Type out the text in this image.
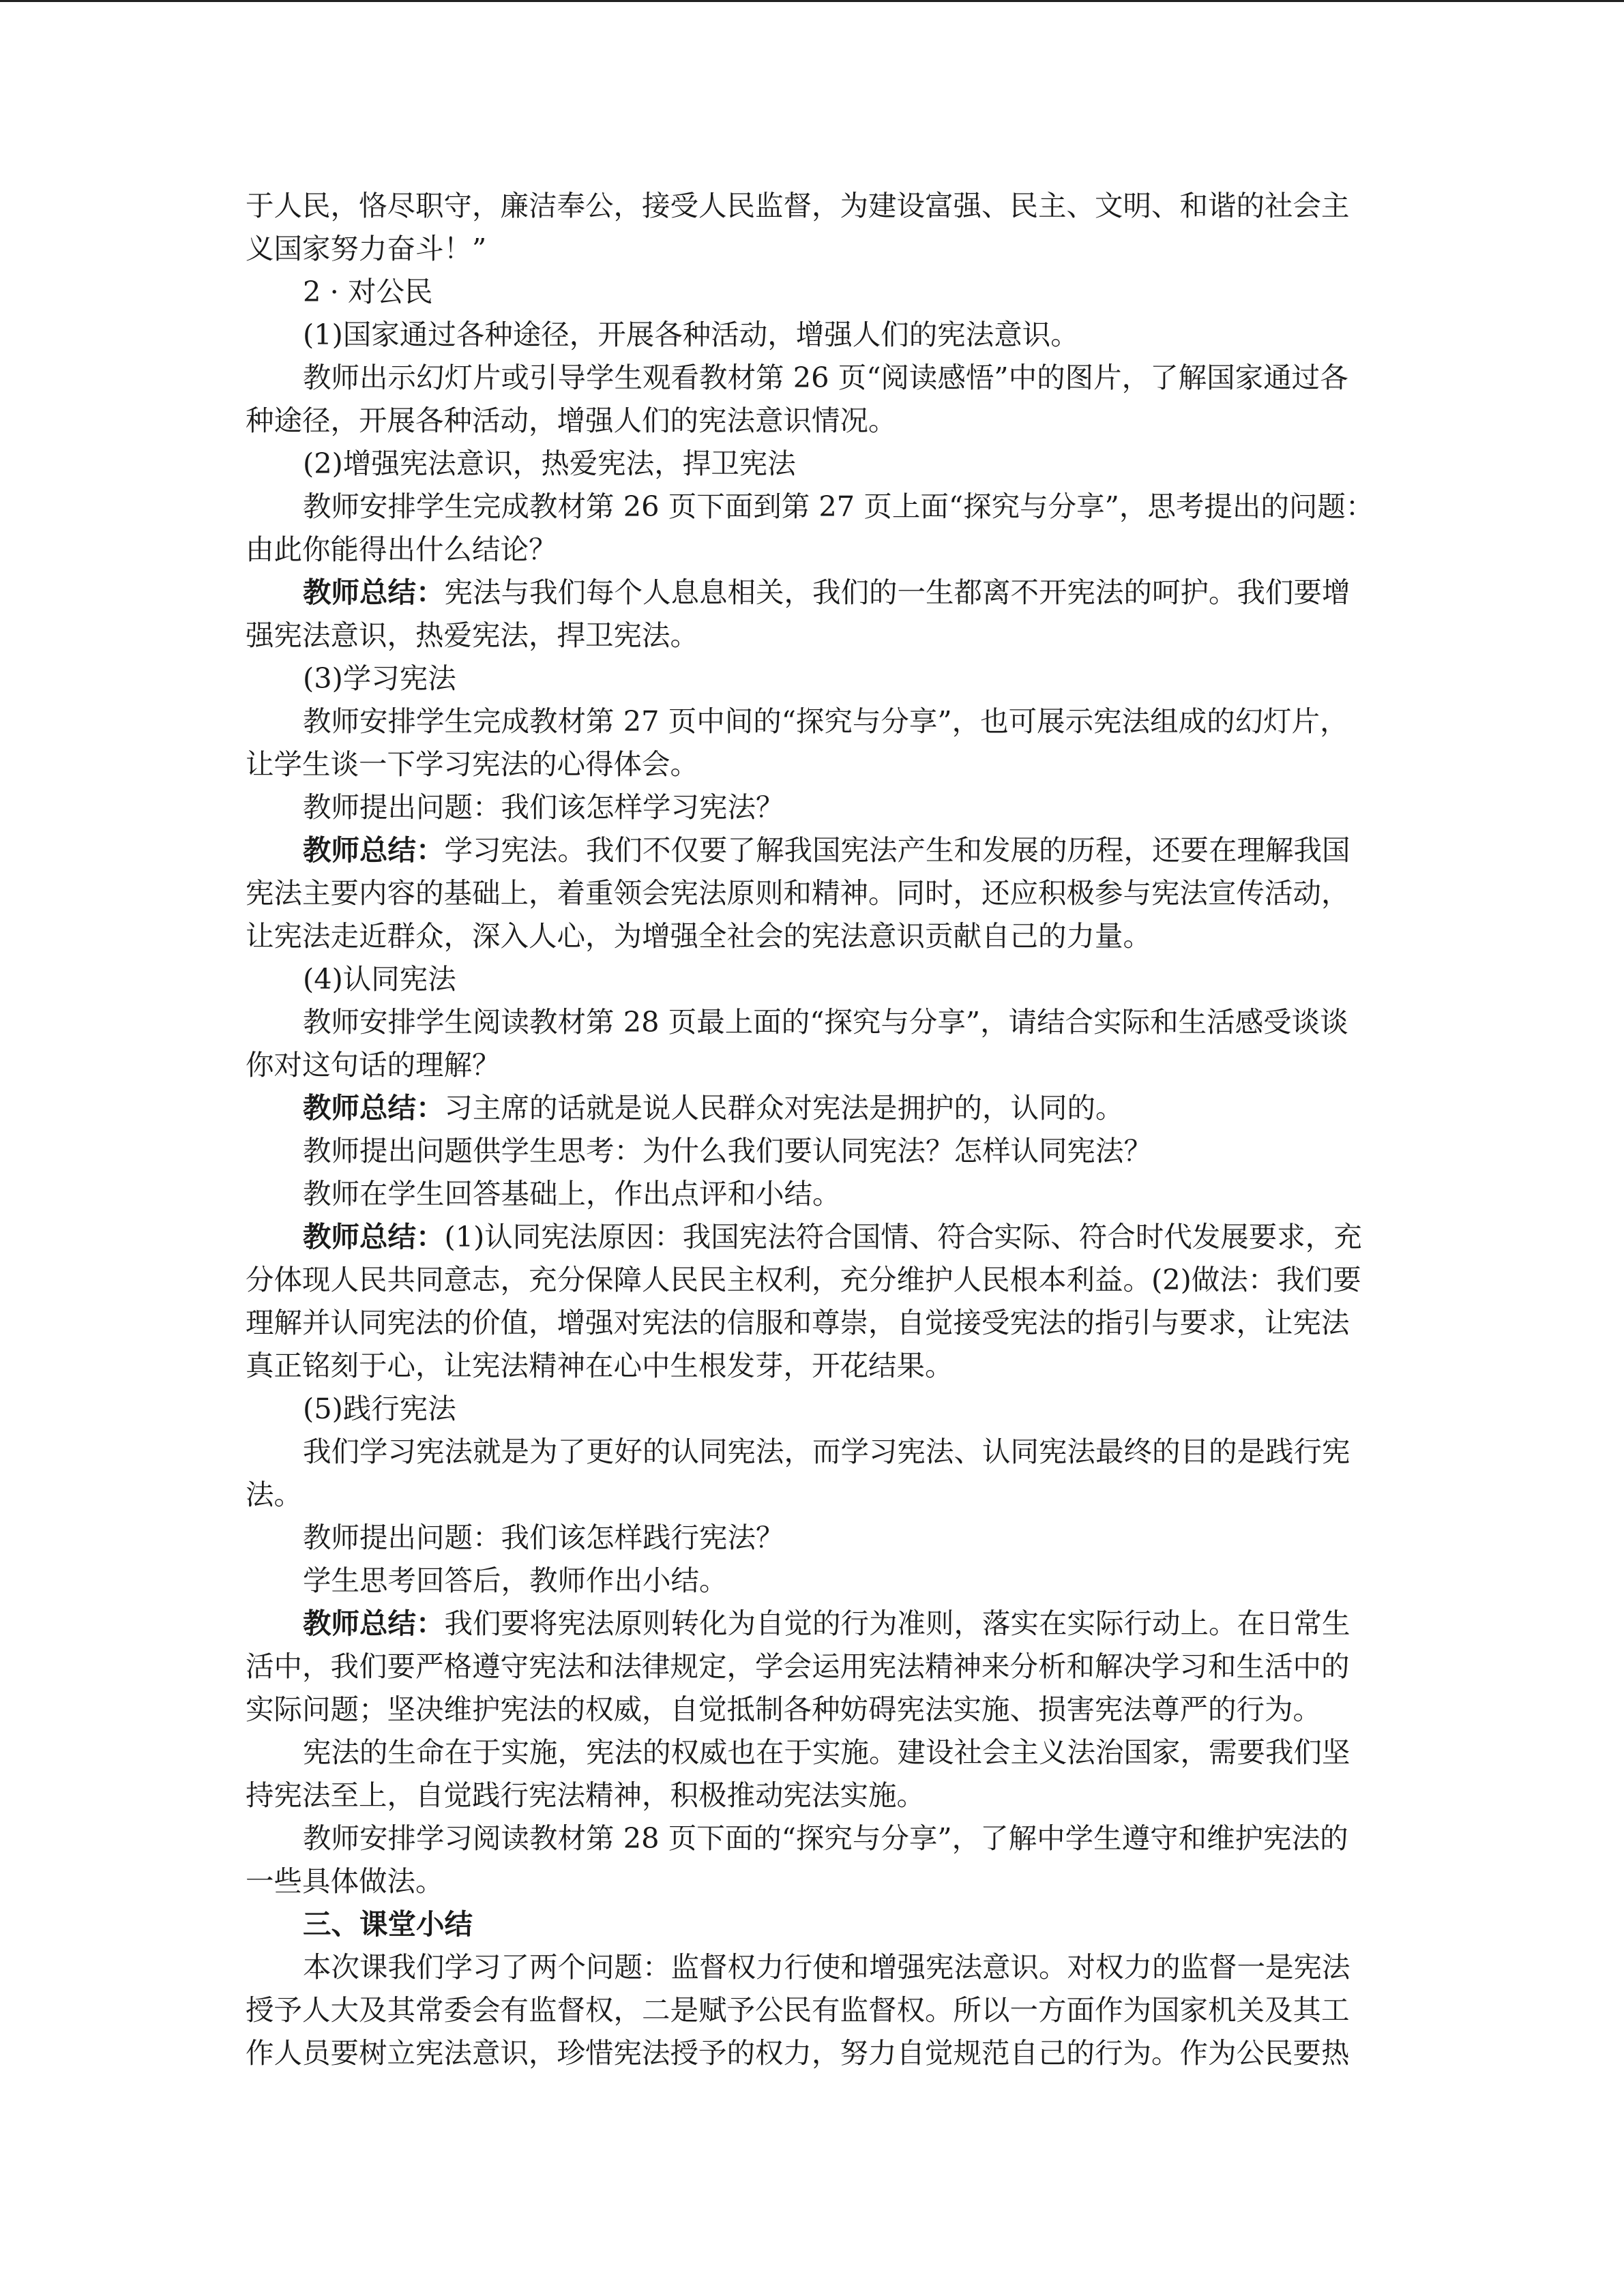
于人民，恪尽职守，廉洁奉公，接受人民监督，为建设富强、民主、文明、和谐的社会主
义国家努力奋斗！”
2 · 对公民
(1)国家通过各种途径，开展各种活动，增强人们的宪法意识。
教师出示幻灯片或引导学生观看教材第 26 页“阅读感悟”中的图片，了解国家通过各
种途径，开展各种活动，增强人们的宪法意识情况。
(2)增强宪法意识，热爱宪法，捍卫宪法
教师安排学生完成教材第 26 页下面到第 27 页上面“探究与分享”，思考提出的问题：
由此你能得出什么结论？
教师总结：宪法与我们每个人息息相关，我们的一生都离不开宪法的呵护。我们要增
强宪法意识，热爱宪法，捍卫宪法。
(3)学习宪法
教师安排学生完成教材第 27 页中间的“探究与分享”，也可展示宪法组成的幻灯片，
让学生谈一下学习宪法的心得体会。
教师提出问题：我们该怎样学习宪法？
教师总结：学习宪法。我们不仅要了解我国宪法产生和发展的历程，还要在理解我国
宪法主要内容的基础上，着重领会宪法原则和精神。同时，还应积极参与宪法宣传活动，
让宪法走近群众，深入人心，为增强全社会的宪法意识贡献自己的力量。
(4)认同宪法
教师安排学生阅读教材第 28 页最上面的“探究与分享”，请结合实际和生活感受谈谈
你对这句话的理解？
教师总结：习主席的话就是说人民群众对宪法是拥护的，认同的。
教师提出问题供学生思考：为什么我们要认同宪法？怎样认同宪法？
教师在学生回答基础上，作出点评和小结。
教师总结：(1)认同宪法原因：我国宪法符合国情、符合实际、符合时代发展要求，充
分体现人民共同意志，充分保障人民民主权利，充分维护人民根本利益。(2)做法：我们要
理解并认同宪法的价值，增强对宪法的信服和尊崇，自觉接受宪法的指引与要求，让宪法
真正铭刻于心，让宪法精神在心中生根发芽，开花结果。
(5)践行宪法
我们学习宪法就是为了更好的认同宪法，而学习宪法、认同宪法最终的目的是践行宪
法。
教师提出问题：我们该怎样践行宪法？
学生思考回答后，教师作出小结。
教师总结：我们要将宪法原则转化为自觉的行为准则，落实在实际行动上。在日常生
活中，我们要严格遵守宪法和法律规定，学会运用宪法精神来分析和解决学习和生活中的
实际问题；坚决维护宪法的权威，自觉抵制各种妨碍宪法实施、损害宪法尊严的行为。
宪法的生命在于实施，宪法的权威也在于实施。建设社会主义法治国家，需要我们坚
持宪法至上，自觉践行宪法精神，积极推动宪法实施。
教师安排学习阅读教材第 28 页下面的“探究与分享”，了解中学生遵守和维护宪法的
一些具体做法。
三、课堂小结
本次课我们学习了两个问题：监督权力行使和增强宪法意识。对权力的监督一是宪法
授予人大及其常委会有监督权，二是赋予公民有监督权。所以一方面作为国家机关及其工
作人员要树立宪法意识，珍惜宪法授予的权力，努力自觉规范自己的行为。作为公民要热
